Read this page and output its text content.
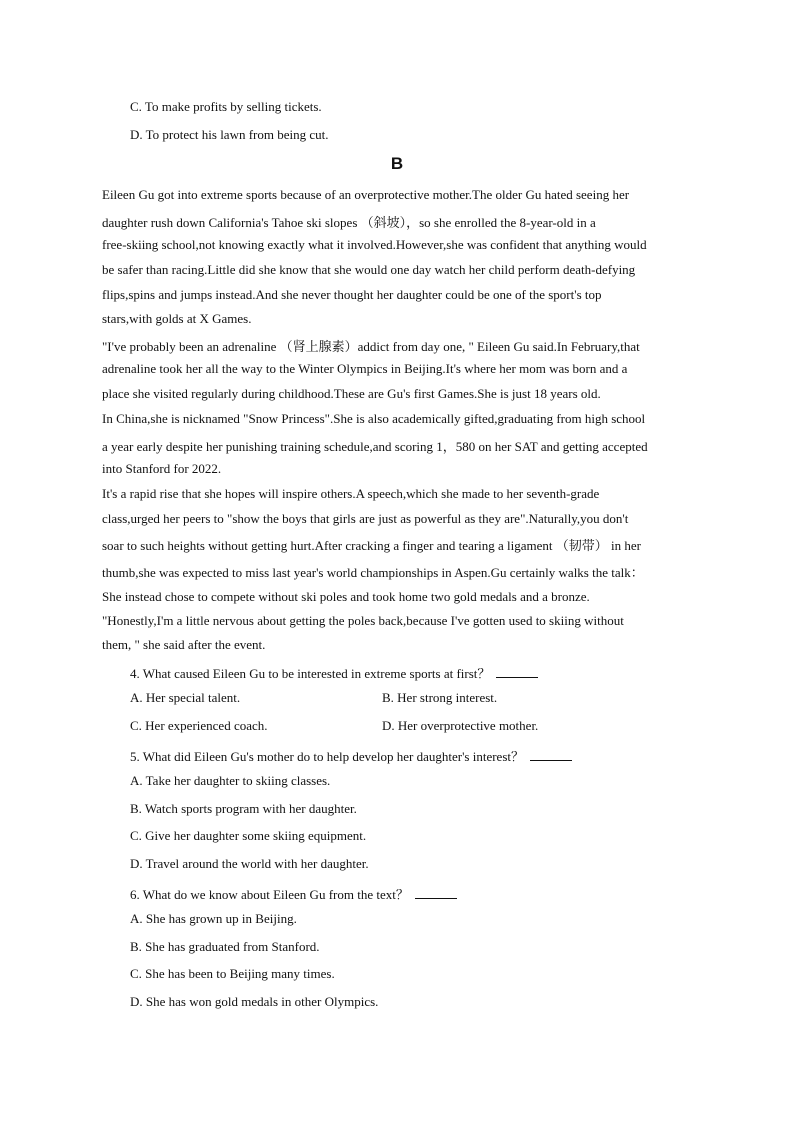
C. To make profits by selling tickets.
D. To protect his lawn from being cut.
B
Eileen Gu got into extreme sports because of an overprotective mother.The older Gu hated seeing her
daughter rush down California's Tahoe ski slopes （斜坡），so she enrolled the 8-year-old in a
free-skiing school,not knowing exactly what it involved.However,she was confident that anything would
be safer than racing.Little did she know that she would one day watch her child perform death-defying
flips,spins and jumps instead.And she never thought her daughter could be one of the sport's top
stars,with golds at X Games.
"I've probably been an adrenaline （肾上腺素）addict from day one, " Eileen Gu said.In February,that
adrenaline took her all the way to the Winter Olympics in Beijing.It's where her mom was born and a
place she visited regularly during childhood.These are Gu's first Games.She is just 18 years old.
In China,she is nicknamed "Snow Princess".She is also academically gifted,graduating from high school
a year early despite her punishing training schedule,and scoring 1，580 on her SAT and getting accepted
into Stanford for 2022.
It's a rapid rise that she hopes will inspire others.A speech,which she made to her seventh-grade
class,urged her peers to "show the boys that girls are just as powerful as they are".Naturally,you don't
soar to such heights without getting hurt.After cracking a finger and tearing a ligament （韧带） in her
thumb,she was expected to miss last year's world championships in Aspen.Gu certainly walks the talk：
She instead chose to compete without ski poles and took home two gold medals and a bronze.
"Honestly,I'm a little nervous about getting the poles back,because I've gotten used to skiing without
them, " she said after the event.
4. What caused Eileen Gu to be interested in extreme sports at first？
A. Her special talent.	B. Her strong interest.
C. Her experienced coach.	D. Her overprotective mother.
5. What did Eileen Gu's mother do to help develop her daughter's interest？
A. Take her daughter to skiing classes.
B. Watch sports program with her daughter.
C. Give her daughter some skiing equipment.
D. Travel around the world with her daughter.
6. What do we know about Eileen Gu from the text？
A. She has grown up in Beijing.
B. She has graduated from Stanford.
C. She has been to Beijing many times.
D. She has won gold medals in other Olympics.
